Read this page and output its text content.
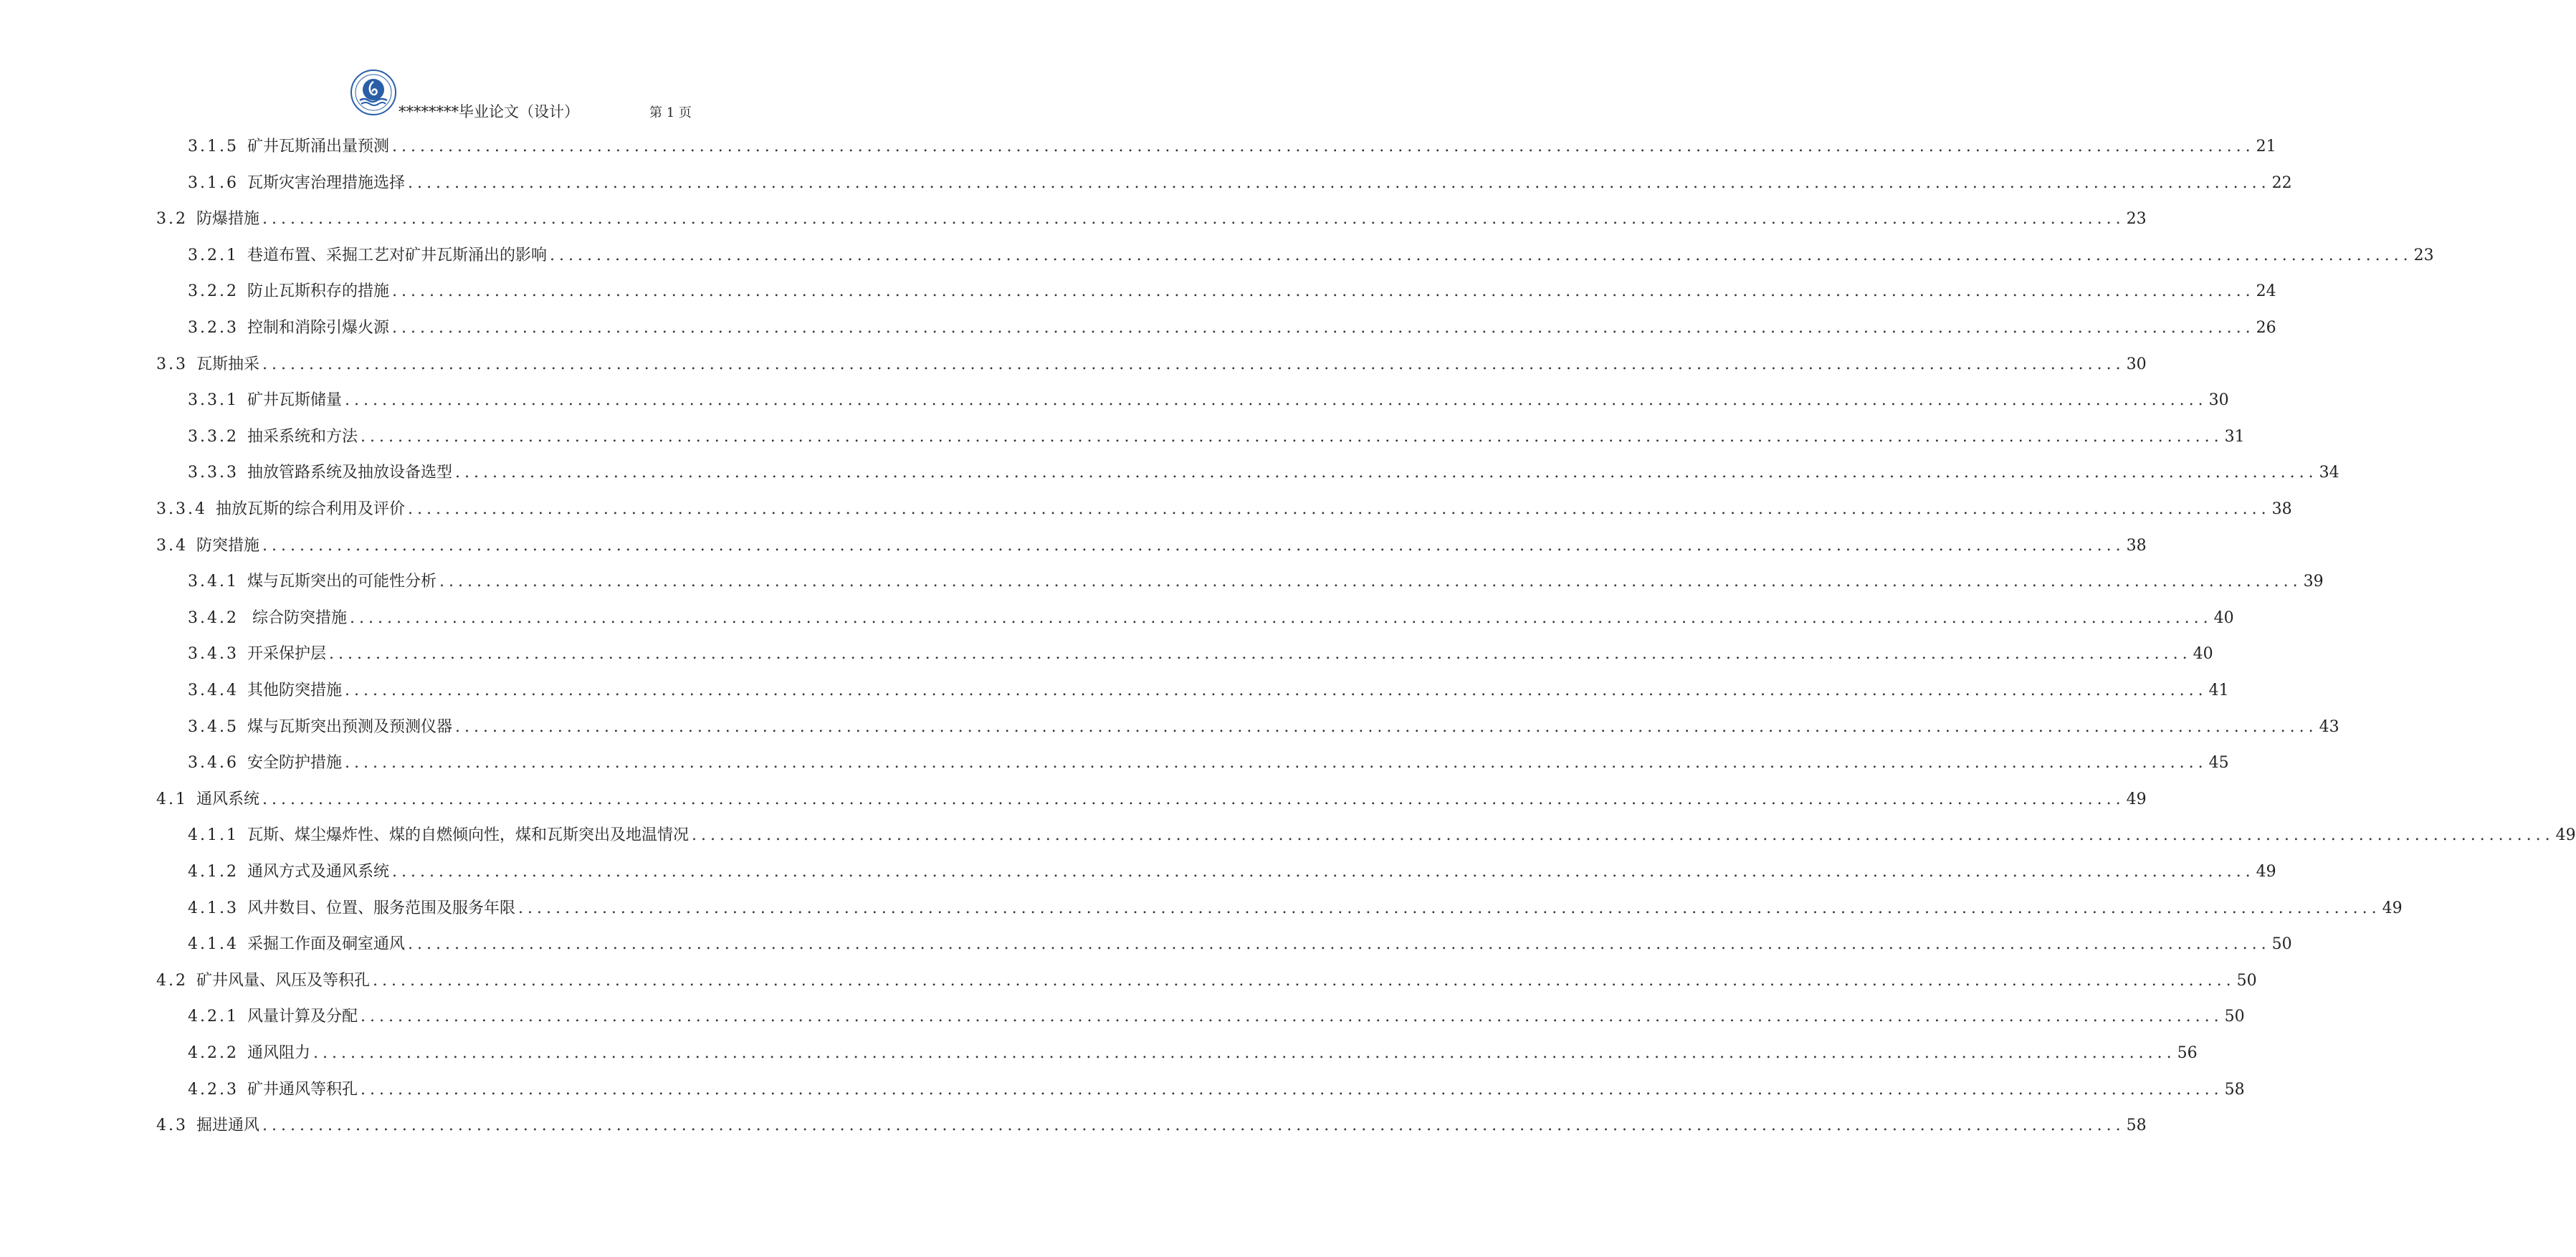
********毕业论文（设计）	第 1 页
3.1.5 矿井瓦斯涌出量预测 ........................................................................................................................................................................................................ 21
3.1.6 瓦斯灾害治理措施选择 ........................................................................................................................................................................................................ 22
3.2 防爆措施 ........................................................................................................................................................................................................ 23
3.2.1 巷道布置、采掘工艺对矿井瓦斯涌出的影响 ........................................................................................................................................................................................................ 23
3.2.2 防止瓦斯积存的措施 ........................................................................................................................................................................................................ 24
3.2.3 控制和消除引爆火源 ........................................................................................................................................................................................................ 26
3.3 瓦斯抽采 ........................................................................................................................................................................................................ 30
3.3.1 矿井瓦斯储量 ........................................................................................................................................................................................................ 30
3.3.2 抽采系统和方法 ........................................................................................................................................................................................................ 31
3.3.3 抽放管路系统及抽放设备选型 ........................................................................................................................................................................................................ 34
3.3.4 抽放瓦斯的综合利用及评价 ........................................................................................................................................................................................................ 38
3.4 防突措施 ........................................................................................................................................................................................................ 38
3.4.1 煤与瓦斯突出的可能性分析 ........................................................................................................................................................................................................ 39
3.4.2 综合防突措施 ........................................................................................................................................................................................................ 40
3.4.3 开采保护层 ........................................................................................................................................................................................................ 40
3.4.4 其他防突措施 ........................................................................................................................................................................................................ 41
3.4.5 煤与瓦斯突出预测及预测仪器 ........................................................................................................................................................................................................ 43
3.4.6 安全防护措施 ........................................................................................................................................................................................................ 45
4.1 通风系统 ........................................................................................................................................................................................................ 49
4.1.1 瓦斯、煤尘爆炸性、煤的自燃倾向性，煤和瓦斯突出及地温情况 ........................................................................................................................................................................................................ 49
4.1.2 通风方式及通风系统 ........................................................................................................................................................................................................ 49
4.1.3 风井数目、位置、服务范围及服务年限 ........................................................................................................................................................................................................ 49
4.1.4 采掘工作面及硐室通风 ........................................................................................................................................................................................................ 50
4.2 矿井风量、风压及等积孔 ........................................................................................................................................................................................................ 50
4.2.1 风量计算及分配 ........................................................................................................................................................................................................ 50
4.2.2 通风阻力 ........................................................................................................................................................................................................ 56
4.2.3 矿井通风等积孔 ........................................................................................................................................................................................................ 58
4.3 掘进通风 ........................................................................................................................................................................................................ 58
